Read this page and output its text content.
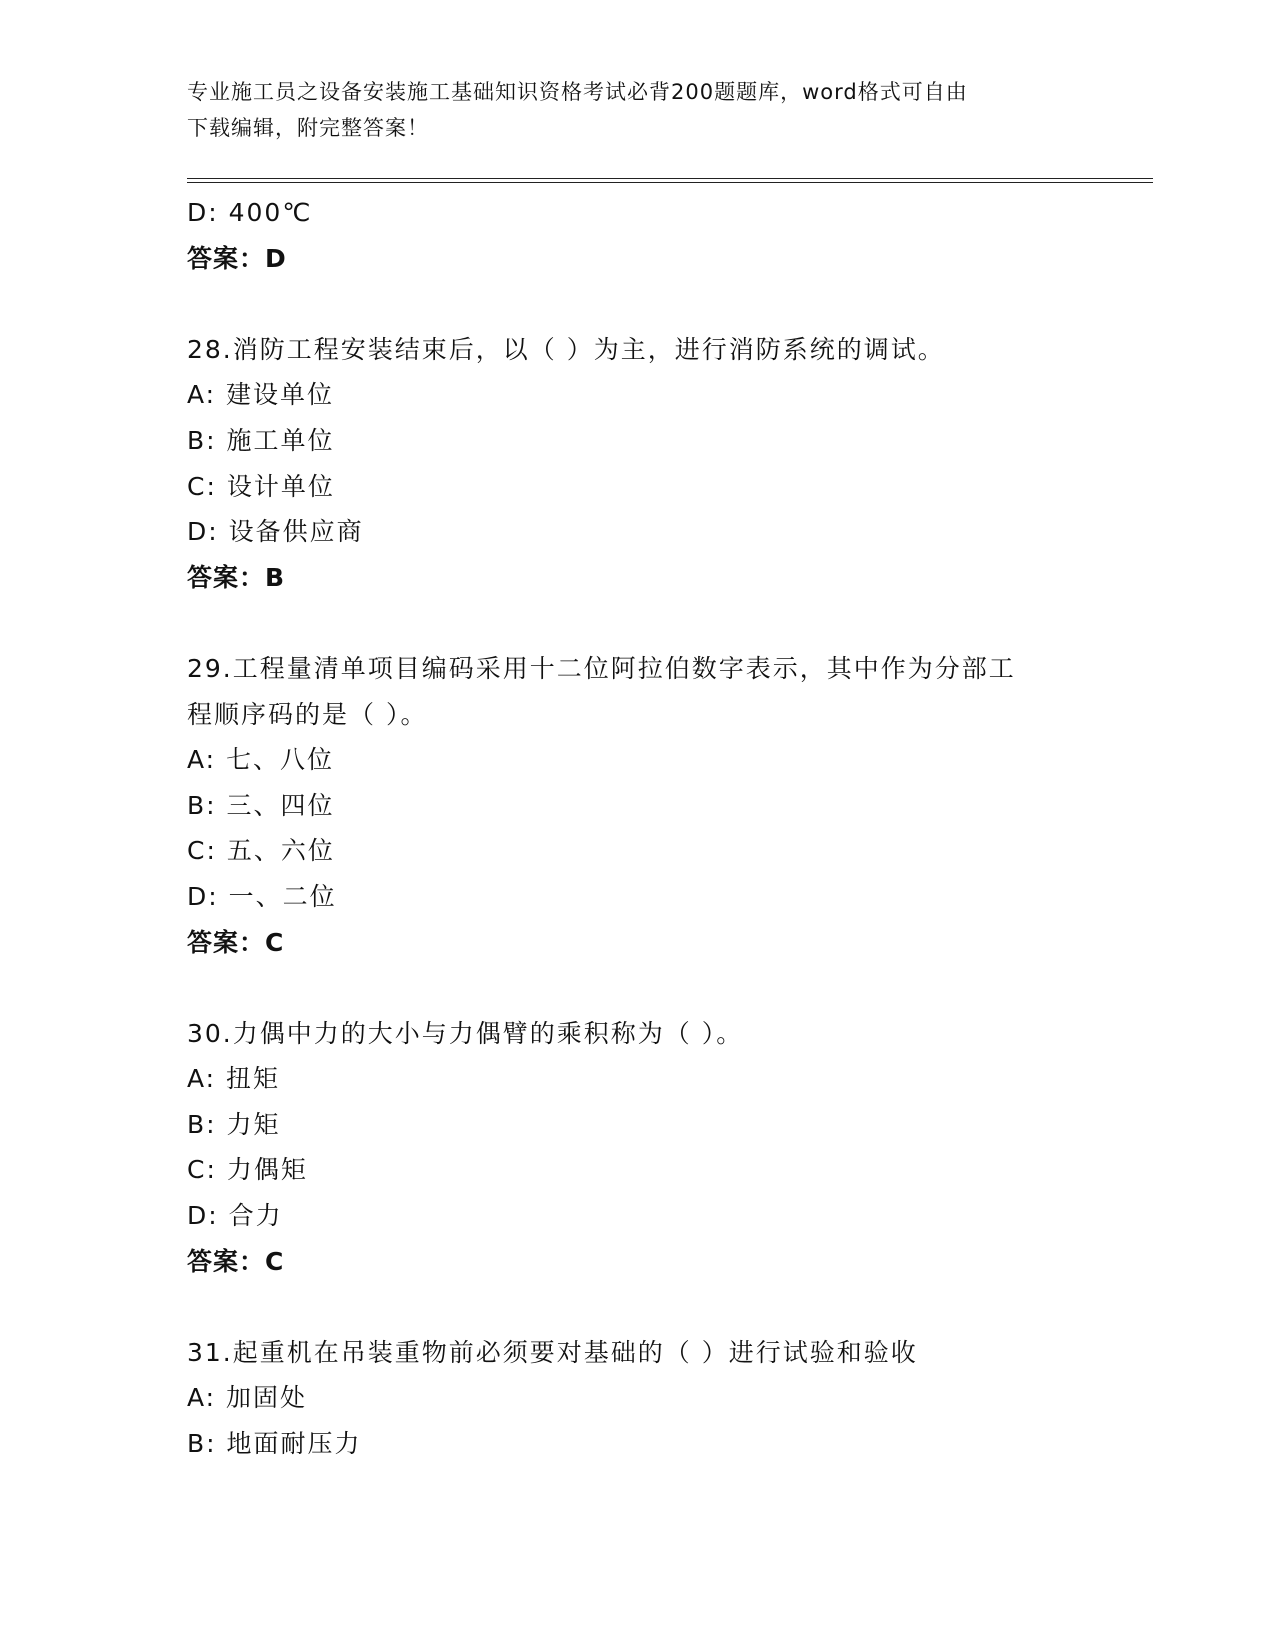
专业施工员之设备安装施工基础知识资格考试必背200题题库，word格式可自由
下载编辑，附完整答案！
D: 400℃
答案：D
28.消防工程安装结束后，以（ ）为主，进行消防系统的调试。
A: 建设单位
B: 施工单位
C: 设计单位
D: 设备供应商
答案：B
29.工程量清单项目编码采用十二位阿拉伯数字表示，其中作为分部工
程顺序码的是（ ）。
A: 七、八位
B: 三、四位
C: 五、六位
D: 一、二位
答案：C
30.力偶中力的大小与力偶臂的乘积称为（ ）。
A: 扭矩
B: 力矩
C: 力偶矩
D: 合力
答案：C
31.起重机在吊装重物前必须要对基础的（ ）进行试验和验收
A: 加固处
B: 地面耐压力
